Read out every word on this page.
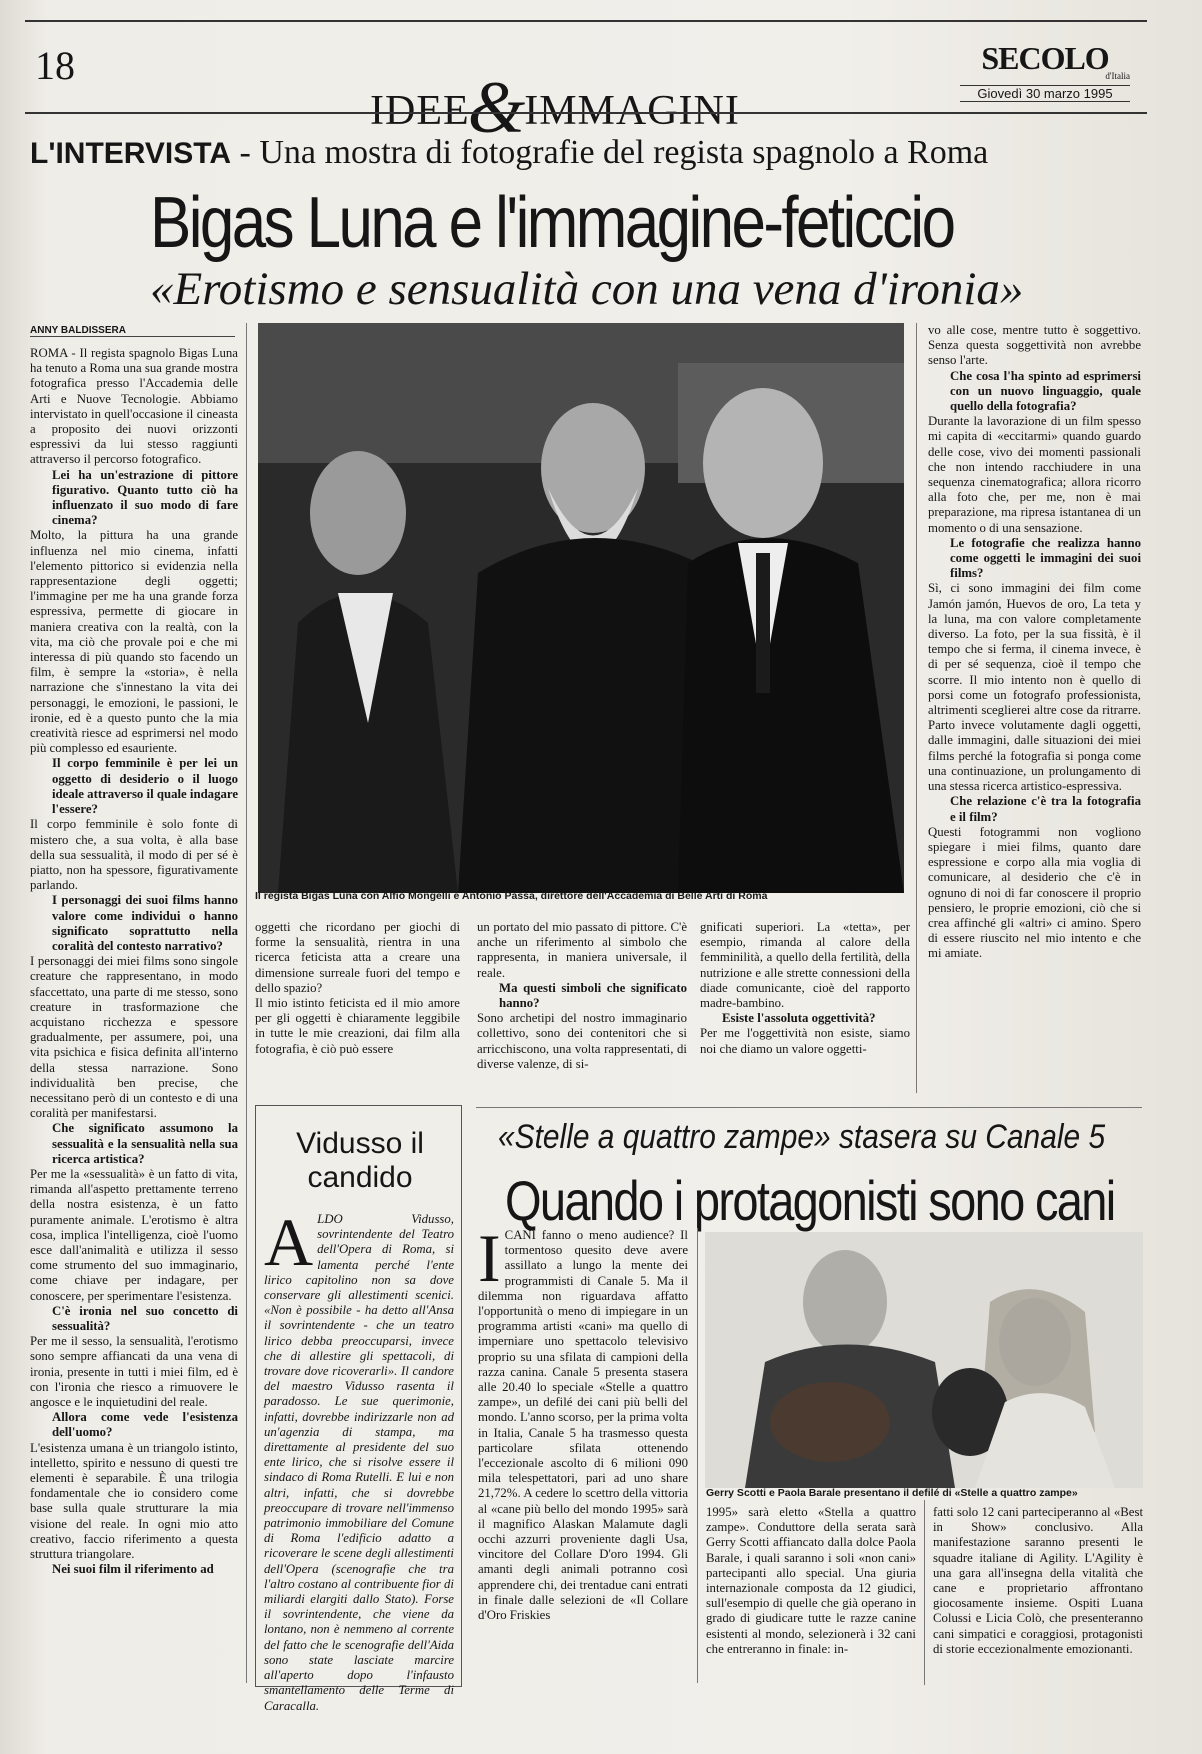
18
IDEE&IMMAGINI
SECOLO
d'Italia
Giovedì 30 marzo 1995
L'INTERVISTA - Una mostra di fotografie del regista spagnolo a Roma
Bigas Luna e l'immagine-feticcio
«Erotismo e sensualità con una vena d'ironia»
ANNY BALDISSERA

ROMA - Il regista spagnolo Bigas Luna ha tenuto a Roma una sua grande mostra fotografica presso l'Accademia delle Arti e Nuove Tecnologie. Abbiamo intervistato in quell'occasione il cineasta a proposito dei nuovi orizzonti espressivi da lui stesso raggiunti attraverso il percorso fotografico.

Lei ha un'estrazione di pittore figurativo. Quanto tutto ciò ha influenzato il suo modo di fare cinema?

Molto, la pittura ha una grande influenza nel mio cinema, infatti l'elemento pittorico si evidenzia nella rappresentazione degli oggetti; l'immagine per me ha una grande forza espressiva, permette di giocare in maniera creativa con la realtà, con la vita, ma ciò che provale poi e che mi interessa di più quando sto facendo un film, è sempre la «storia», è nella narrazione che s'innestano la vita dei personaggi, le emozioni, le passioni, le ironie, ed è a questo punto che la mia creatività riesce ad esprimersi nel modo più complesso ed esauriente.

Il corpo femminile è per lei un oggetto di desiderio o il luogo ideale attraverso il quale indagare l'essere?

Il corpo femminile è solo fonte di mistero che, a sua volta, è alla base della sua sessualità, il modo di per sé è piatto, non ha spessore, figurativamente parlando.

I personaggi dei suoi films hanno valore come individui o hanno significato soprattutto nella coralità del contesto narrativo?

I personaggi dei miei films sono singole creature che rappresentano, in modo sfaccettato, una parte di me stesso, sono creature in trasformazione che acquistano ricchezza e spessore gradualmente, per assumere, poi, una vita psichica e fisica definita all'interno della stessa narrazione. Sono individualità ben precise, che necessitano però di un contesto e di una coralità per manifestarsi.

Che significato assumono la sessualità e la sensualità nella sua ricerca artistica?

Per me la «sessualità» è un fatto di vita, rimanda all'aspetto prettamente terreno della nostra esistenza, è un fatto puramente animale. L'erotismo è altra cosa, implica l'intelligenza, cioè l'uomo esce dall'animalità e utilizza il sesso come strumento del suo immaginario, come chiave per indagare, per conoscere, per sperimentare l'esistenza.

C'è ironia nel suo concetto di sessualità?

Per me il sesso, la sensualità, l'erotismo sono sempre affiancati da una vena di ironia, presente in tutti i miei film, ed è con l'ironia che riesco a rimuovere le angosce e le inquietudini del reale.

Allora come vede l'esistenza dell'uomo?

L'esistenza umana è un triangolo istinto, intelletto, spirito e nessuno di questi tre elementi è separabile. È una trilogia fondamentale che io considero come base sulla quale strutturare la mia visione del reale. In ogni mio atto creativo, faccio riferimento a questa struttura triangolare.

Nei suoi film il riferimento ad

Il regista Bigas Luna con Alfio Mongelli e Antonio Passa, direttore dell'Accademia di Belle Arti di Roma

vo alle cose, mentre tutto è soggettivo. Senza questa soggettività non avrebbe senso l'arte.

Che cosa l'ha spinto ad esprimersi con un nuovo linguaggio, quale quello della fotografia?

Durante la lavorazione di un film spesso mi capita di «eccitarmi» quando guardo delle cose, vivo dei momenti passionali che non intendo racchiudere in una sequenza cinematografica; allora ricorro alla foto che, per me, non è mai preparazione, ma ripresa istantanea di un momento o di una sensazione.

Le fotografie che realizza hanno come oggetti le immagini dei suoi films?

Sì, ci sono immagini dei film come Jamón jamón, Huevos de oro, La teta y la luna, ma con valore completamente diverso. La foto, per la sua fissità, è il tempo che si ferma, il cinema invece, è di per sé sequenza, cioè il tempo che scorre. Il mio intento non è quello di porsi come un fotografo professionista, altrimenti sceglierei altre cose da ritrarre. Parto invece volutamente dagli oggetti, dalle immagini, dalle situazioni dei miei films perché la fotografia si ponga come una continuazione, un prolungamento di una stessa ricerca artistico-espressiva.

Che relazione c'è tra la fotografia e il film?

Questi fotogrammi non vogliono spiegare i miei films, quanto dare espressione e corpo alla mia voglia di comunicare, al desiderio che c'è in ognuno di noi di far conoscere il proprio pensiero, le proprie emozioni, ciò che si crea affinché gli «altri» ci amino. Spero di essere riuscito nel mio intento e che mi amiate.

oggetti che ricordano per giochi di forme la sensualità, rientra in una ricerca feticista atta a creare una dimensione surreale fuori del tempo e dello spazio?

Il mio istinto feticista ed il mio amore per gli oggetti è chiaramente leggibile in tutte le mie creazioni, dai film alla fotografia, è ciò può essere

un portato del mio passato di pittore. C'è anche un riferimento al simbolo che rappresenta, in maniera universale, il reale.

Ma questi simboli che significato hanno?

Sono archetipi del nostro immaginario collettivo, sono dei contenitori che si arricchiscono, una volta rappresentati, di diverse valenze, di si-

gnificati superiori. La «tetta», per esempio, rimanda al calore della femminilità, a quello della fertilità, della nutrizione e alle strette connessioni della diade comunicante, cioè del rapporto madre-bambino.

Esiste l'assoluta oggettività?

Per me l'oggettività non esiste, siamo noi che diamo un valore oggetti-

Vidusso il candido
ALDO Vidusso, sovrintendente del Teatro dell'Opera di Roma, si lamenta perché l'ente lirico capitolino non sa dove conservare gli allestimenti scenici. «Non è possibile - ha detto all'Ansa il sovrintendente - che un teatro lirico debba preoccuparsi, invece che di allestire gli spettacoli, di trovare dove ricoverarli». Il candore del maestro Vidusso rasenta il paradosso. Le sue querimonie, infatti, dovrebbe indirizzarle non ad un'agenzia di stampa, ma direttamente al presidente del suo ente lirico, che si risolve essere il sindaco di Roma Rutelli. E lui e non altri, infatti, che si dovrebbe preoccupare di trovare nell'immenso patrimonio immobiliare del Comune di Roma l'edificio adatto a ricoverare le scene degli allestimenti dell'Opera (scenografie che tra l'altro costano al contribuente fior di miliardi elargiti dallo Stato). Forse il sovrintendente, che viene da lontano, non è nemmeno al corrente del fatto che le scenografie dell'Aida sono state lasciate marcire all'aperto dopo l'infausto smantellamento delle Terme di Caracalla.
«Stelle a quattro zampe» stasera su Canale 5
Quando i protagonisti sono cani
ICANI fanno o meno audience? Il tormentoso quesito deve avere assillato a lungo la mente dei programmisti di Canale 5. Ma il dilemma non riguardava affatto l'opportunità o meno di impiegare in un programma artisti «cani» ma quello di imperniare uno spettacolo televisivo proprio su una sfilata di campioni della razza canina. Canale 5 presenta stasera alle 20.40 lo speciale «Stelle a quattro zampe», un defilé dei cani più belli del mondo. L'anno scorso, per la prima volta in Italia, Canale 5 ha trasmesso questa particolare sfilata ottenendo l'eccezionale ascolto di 6 milioni 090 mila telespettatori, pari ad uno share 21,72%. A cedere lo scettro della vittoria al «cane più bello del mondo 1995» sarà il magnifico Alaskan Malamute dagli occhi azzurri proveniente dagli Usa, vincitore del Collare D'oro 1994. Gli amanti degli animali potranno così apprendere chi, dei trentadue cani entrati in finale dalle selezioni de «Il Collare d'Oro Friskies
Gerry Scotti e Paola Barale presentano il defilé di «Stelle a quattro zampe»
1995» sarà eletto «Stella a quattro zampe». Conduttore della serata sarà Gerry Scotti affiancato dalla dolce Paola Barale, i quali saranno i soli «non cani» partecipanti allo special. Una giuria internazionale composta da 12 giudici, sull'esempio di quelle che già operano in grado di giudicare tutte le razze canine esistenti al mondo, selezionerà i 32 cani che entreranno in finale: in-
fatti solo 12 cani parteciperanno al «Best in Show» conclusivo. Alla manifestazione saranno presenti le squadre italiane di Agility. L'Agility è una gara all'insegna della vitalità che cane e proprietario affrontano giocosamente insieme. Ospiti Luana Colussi e Licia Colò, che presenteranno cani simpatici e coraggiosi, protagonisti di storie eccezionalmente emozionanti.
